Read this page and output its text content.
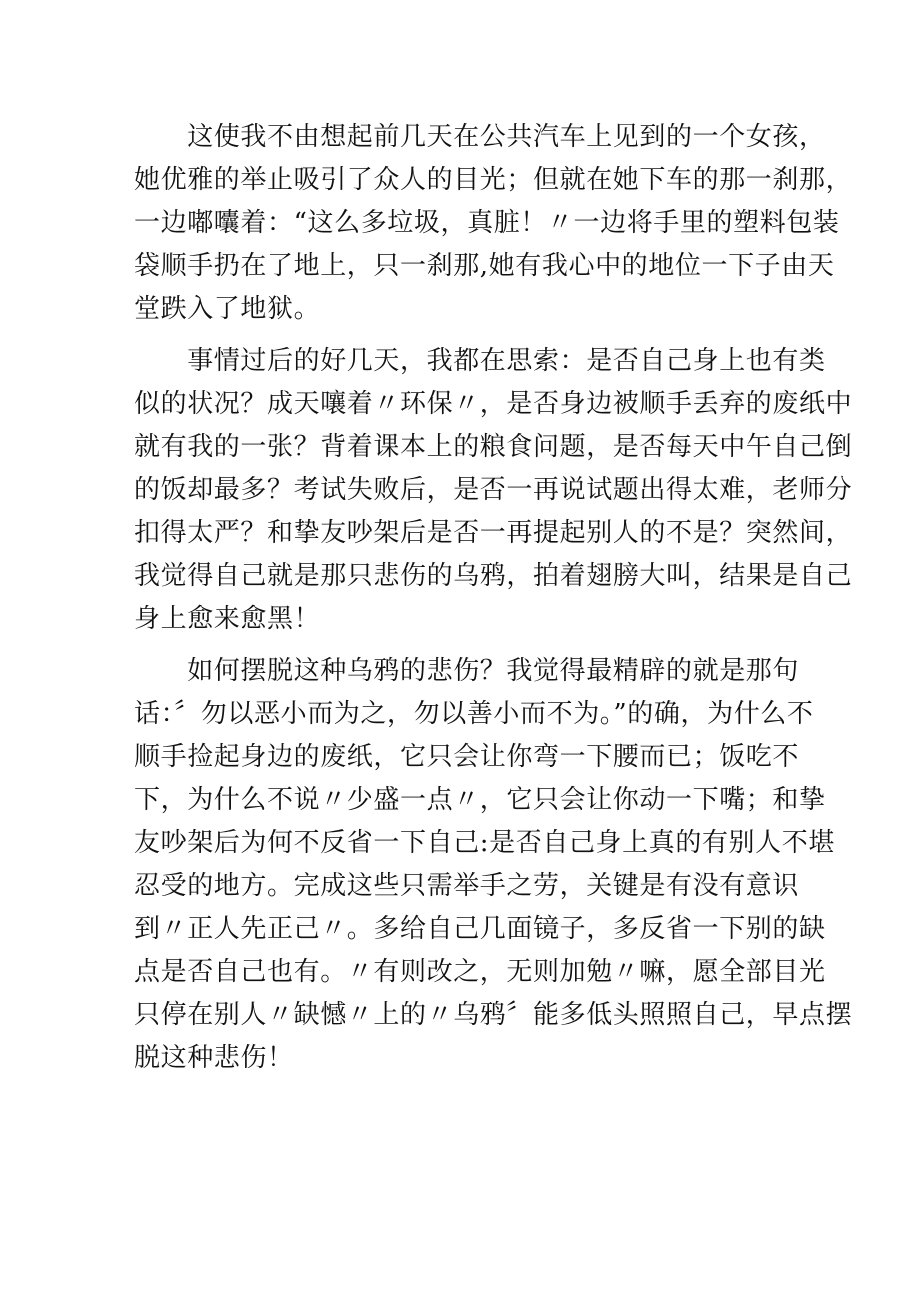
　　这使我不由想起前几天在公共汽车上见到的一个女孩，
她优雅的举止吸引了众人的目光；但就在她下车的那一刹那，
一边嘟囔着：“这么多垃圾，真脏！〃一边将手里的塑料包装
袋顺手扔在了地上，只一刹那,她有我心中的地位一下子由天
堂跌入了地狱。
　　事情过后的好几天，我都在思索：是否自己身上也有类
似的状况？成天嚷着〃环保〃，是否身边被顺手丢弃的废纸中
就有我的一张？背着课本上的粮食问题，是否每天中午自己倒
的饭却最多？考试失败后，是否一再说试题出得太难，老师分
扣得太严？和挚友吵架后是否一再提起别人的不是？突然间，
我觉得自己就是那只悲伤的乌鸦，拍着翅膀大叫，结果是自己
身上愈来愈黑！
　　如何摆脱这种乌鸦的悲伤？我觉得最精辟的就是那句
话：〞勿以恶小而为之，勿以善小而不为。”的确，为什么不
顺手捡起身边的废纸，它只会让你弯一下腰而已；饭吃不
下，为什么不说〃少盛一点〃，它只会让你动一下嘴；和挚
友吵架后为何不反省一下自己:是否自己身上真的有别人不堪
忍受的地方。完成这些只需举手之劳，关键是有没有意识
到〃正人先正己〃。多给自己几面镜子，多反省一下别的缺
点是否自己也有。〃有则改之，无则加勉〃嘛，愿全部目光
只停在别人〃缺憾〃上的〃乌鸦〞能多低头照照自己，早点摆
脱这种悲伤！
